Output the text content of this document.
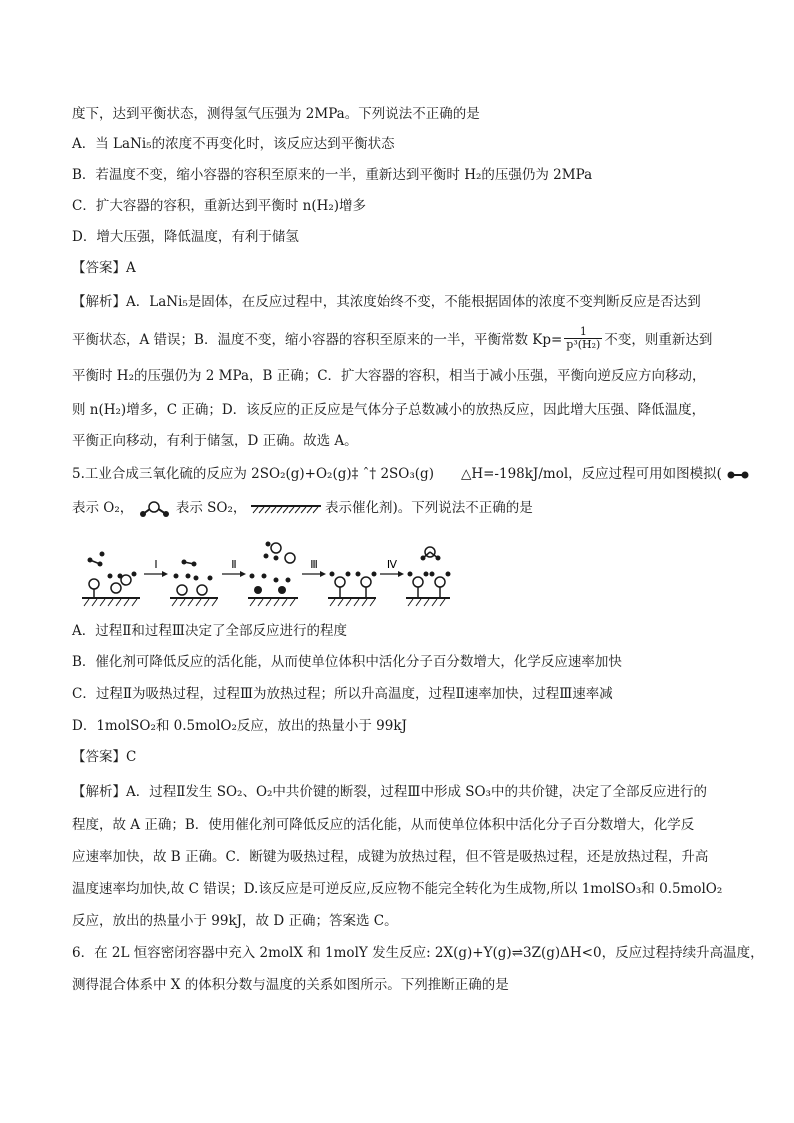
度下，达到平衡状态，测得氢气压强为 2MPa。下列说法不正确的是
A．当 LaNi₅的浓度不再变化时，该反应达到平衡状态
B．若温度不变，缩小容器的容积至原来的一半，重新达到平衡时 H₂的压强仍为 2MPa
C．扩大容器的容积，重新达到平衡时 n(H₂)增多
D．增大压强，降低温度，有利于储氢
【答案】A
【解析】A．LaNi₅是固体，在反应过程中，其浓度始终不变，不能根据固体的浓度不变判断反应是否达到
平衡状态，A 错误；B．温度不变，缩小容器的容积至原来的一半，平衡常数 $Kp= \frac{1}{\text{p³(H₂)}}$ 不变，则重新达到
平衡时 H₂的压强仍为 2 MPa，B 正确；C．扩大容器的容积，相当于减小压强，平衡向逆反应方向移动，
则 n(H₂)增多，C 正确；D．该反应的正反应是气体分子总数减小的放热反应，因此增大压强、降低温度，
平衡正向移动，有利于储氢，D 正确。故选 A。
5.工业合成三氧化硫的反应为 2SO₂(g)+O₂(g)‡ ˆ† 2SO₃(g)　　△H=-198kJ/mol，反应过程可用如图模拟(
表示 O₂，	表示 SO₂，	表示催化剂)。下列说法不正确的是
Ⅰ	Ⅱ	Ⅲ	Ⅳ
A．过程Ⅱ和过程Ⅲ决定了全部反应进行的程度
B．催化剂可降低反应的活化能，从而使单位体积中活化分子百分数增大，化学反应速率加快
C．过程Ⅱ为吸热过程，过程Ⅲ为放热过程；所以升高温度，过程Ⅱ速率加快，过程Ⅲ速率减
D．1molSO₂和 0.5molO₂反应，放出的热量小于 99kJ
【答案】C
【解析】A．过程Ⅱ发生 SO₂、O₂中共价键的断裂，过程Ⅲ中形成 SO₃中的共价键，决定了全部反应进行的
程度，故 A 正确；B．使用催化剂可降低反应的活化能，从而使单位体积中活化分子百分数增大，化学反
应速率加快，故 B 正确。C．断键为吸热过程，成键为放热过程，但不管是吸热过程，还是放热过程，升高
温度速率均加快,故 C 错误；D.该反应是可逆反应,反应物不能完全转化为生成物,所以 1molSO₃和 0.5molO₂
反应，放出的热量小于 99kJ，故 D 正确；答案选 C。
6．在 2L 恒容密闭容器中充入 2molX 和 1molY 发生反应: 2X(g)+Y(g)⇌3Z(g)ΔH<0，反应过程持续升高温度，
测得混合体系中 X 的体积分数与温度的关系如图所示。下列推断正确的是
